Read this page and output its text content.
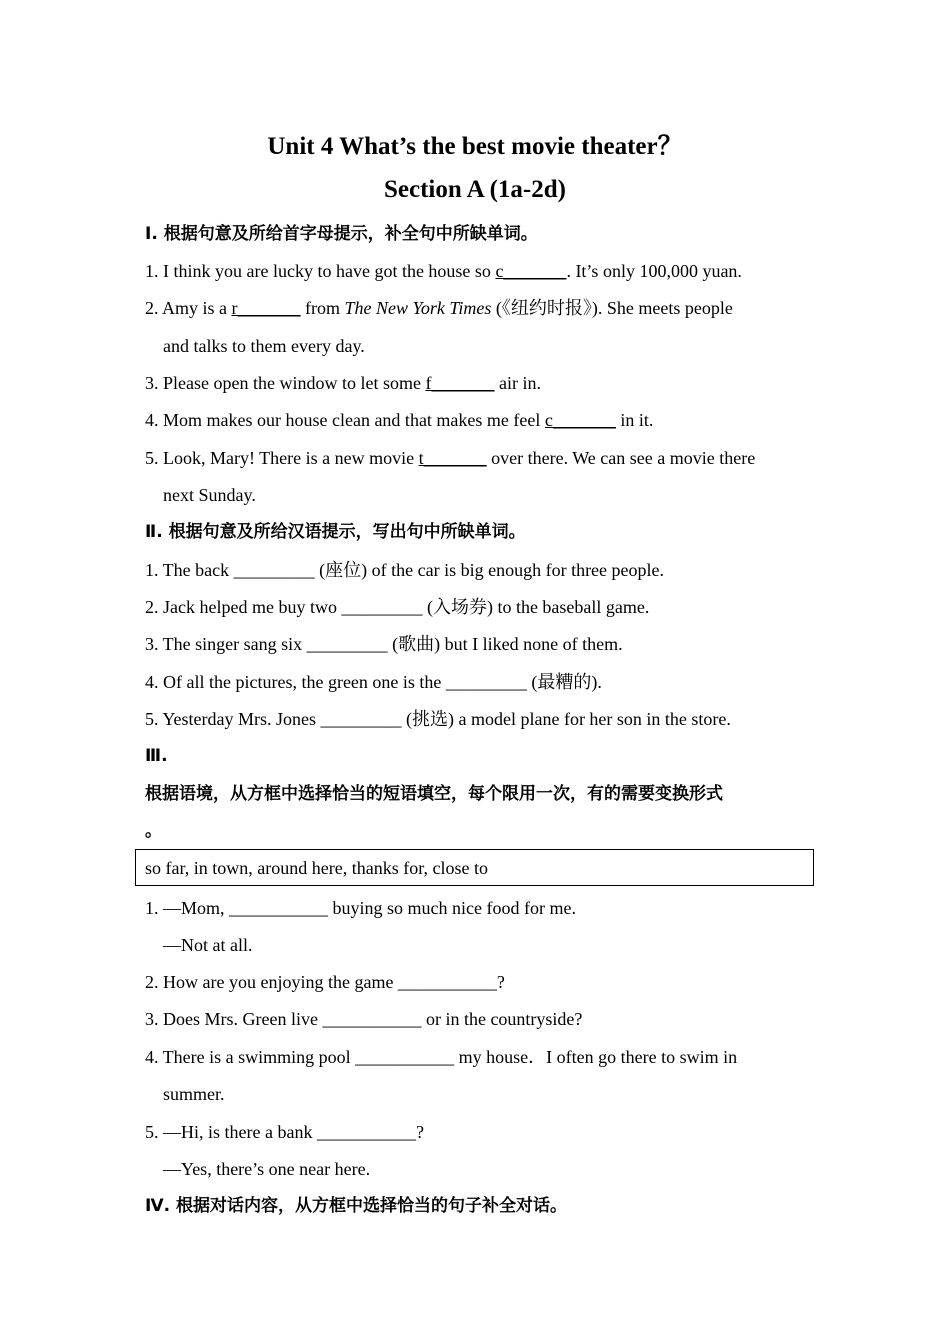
Unit 4 What’s the best movie theater？
Section A (1a-2d)
Ⅰ. 根据句意及所给首字母提示，补全句中所缺单词。
1. I think you are lucky to have got the house so c_______. It’s only 100,000 yuan.
2. Amy is a r_______ from The New York Times (《纽约时报》). She meets people
and talks to them every day.
3. Please open the window to let some f_______ air in.
4. Mom makes our house clean and that makes me feel c_______ in it.
5. Look, Mary! There is a new movie t_______ over there. We can see a movie there
next Sunday.
Ⅱ. 根据句意及所给汉语提示，写出句中所缺单词。
1. The back _________ (座位) of the car is big enough for three people.
2. Jack helped me buy two _________ (入场券) to the baseball game.
3. The singer sang six _________ (歌曲) but I liked none of them.
4. Of all the pictures, the green one is the _________ (最糟的).
5. Yesterday Mrs. Jones _________ (挑选) a model plane for her son in the store.
Ⅲ.
根据语境，从方框中选择恰当的短语填空，每个限用一次，有的需要变换形式
。
so far, in town, around here, thanks for, close to
1. —Mom, ___________ buying so much nice food for me.
—Not at all.
2. How are you enjoying the game ___________?
3. Does Mrs. Green live ___________ or in the countryside?
4. There is a swimming pool ___________ my house．I often go there to swim in
summer.
5. —Hi, is there a bank ___________?
—Yes, there’s one near here.
Ⅳ. 根据对话内容，从方框中选择恰当的句子补全对话。
